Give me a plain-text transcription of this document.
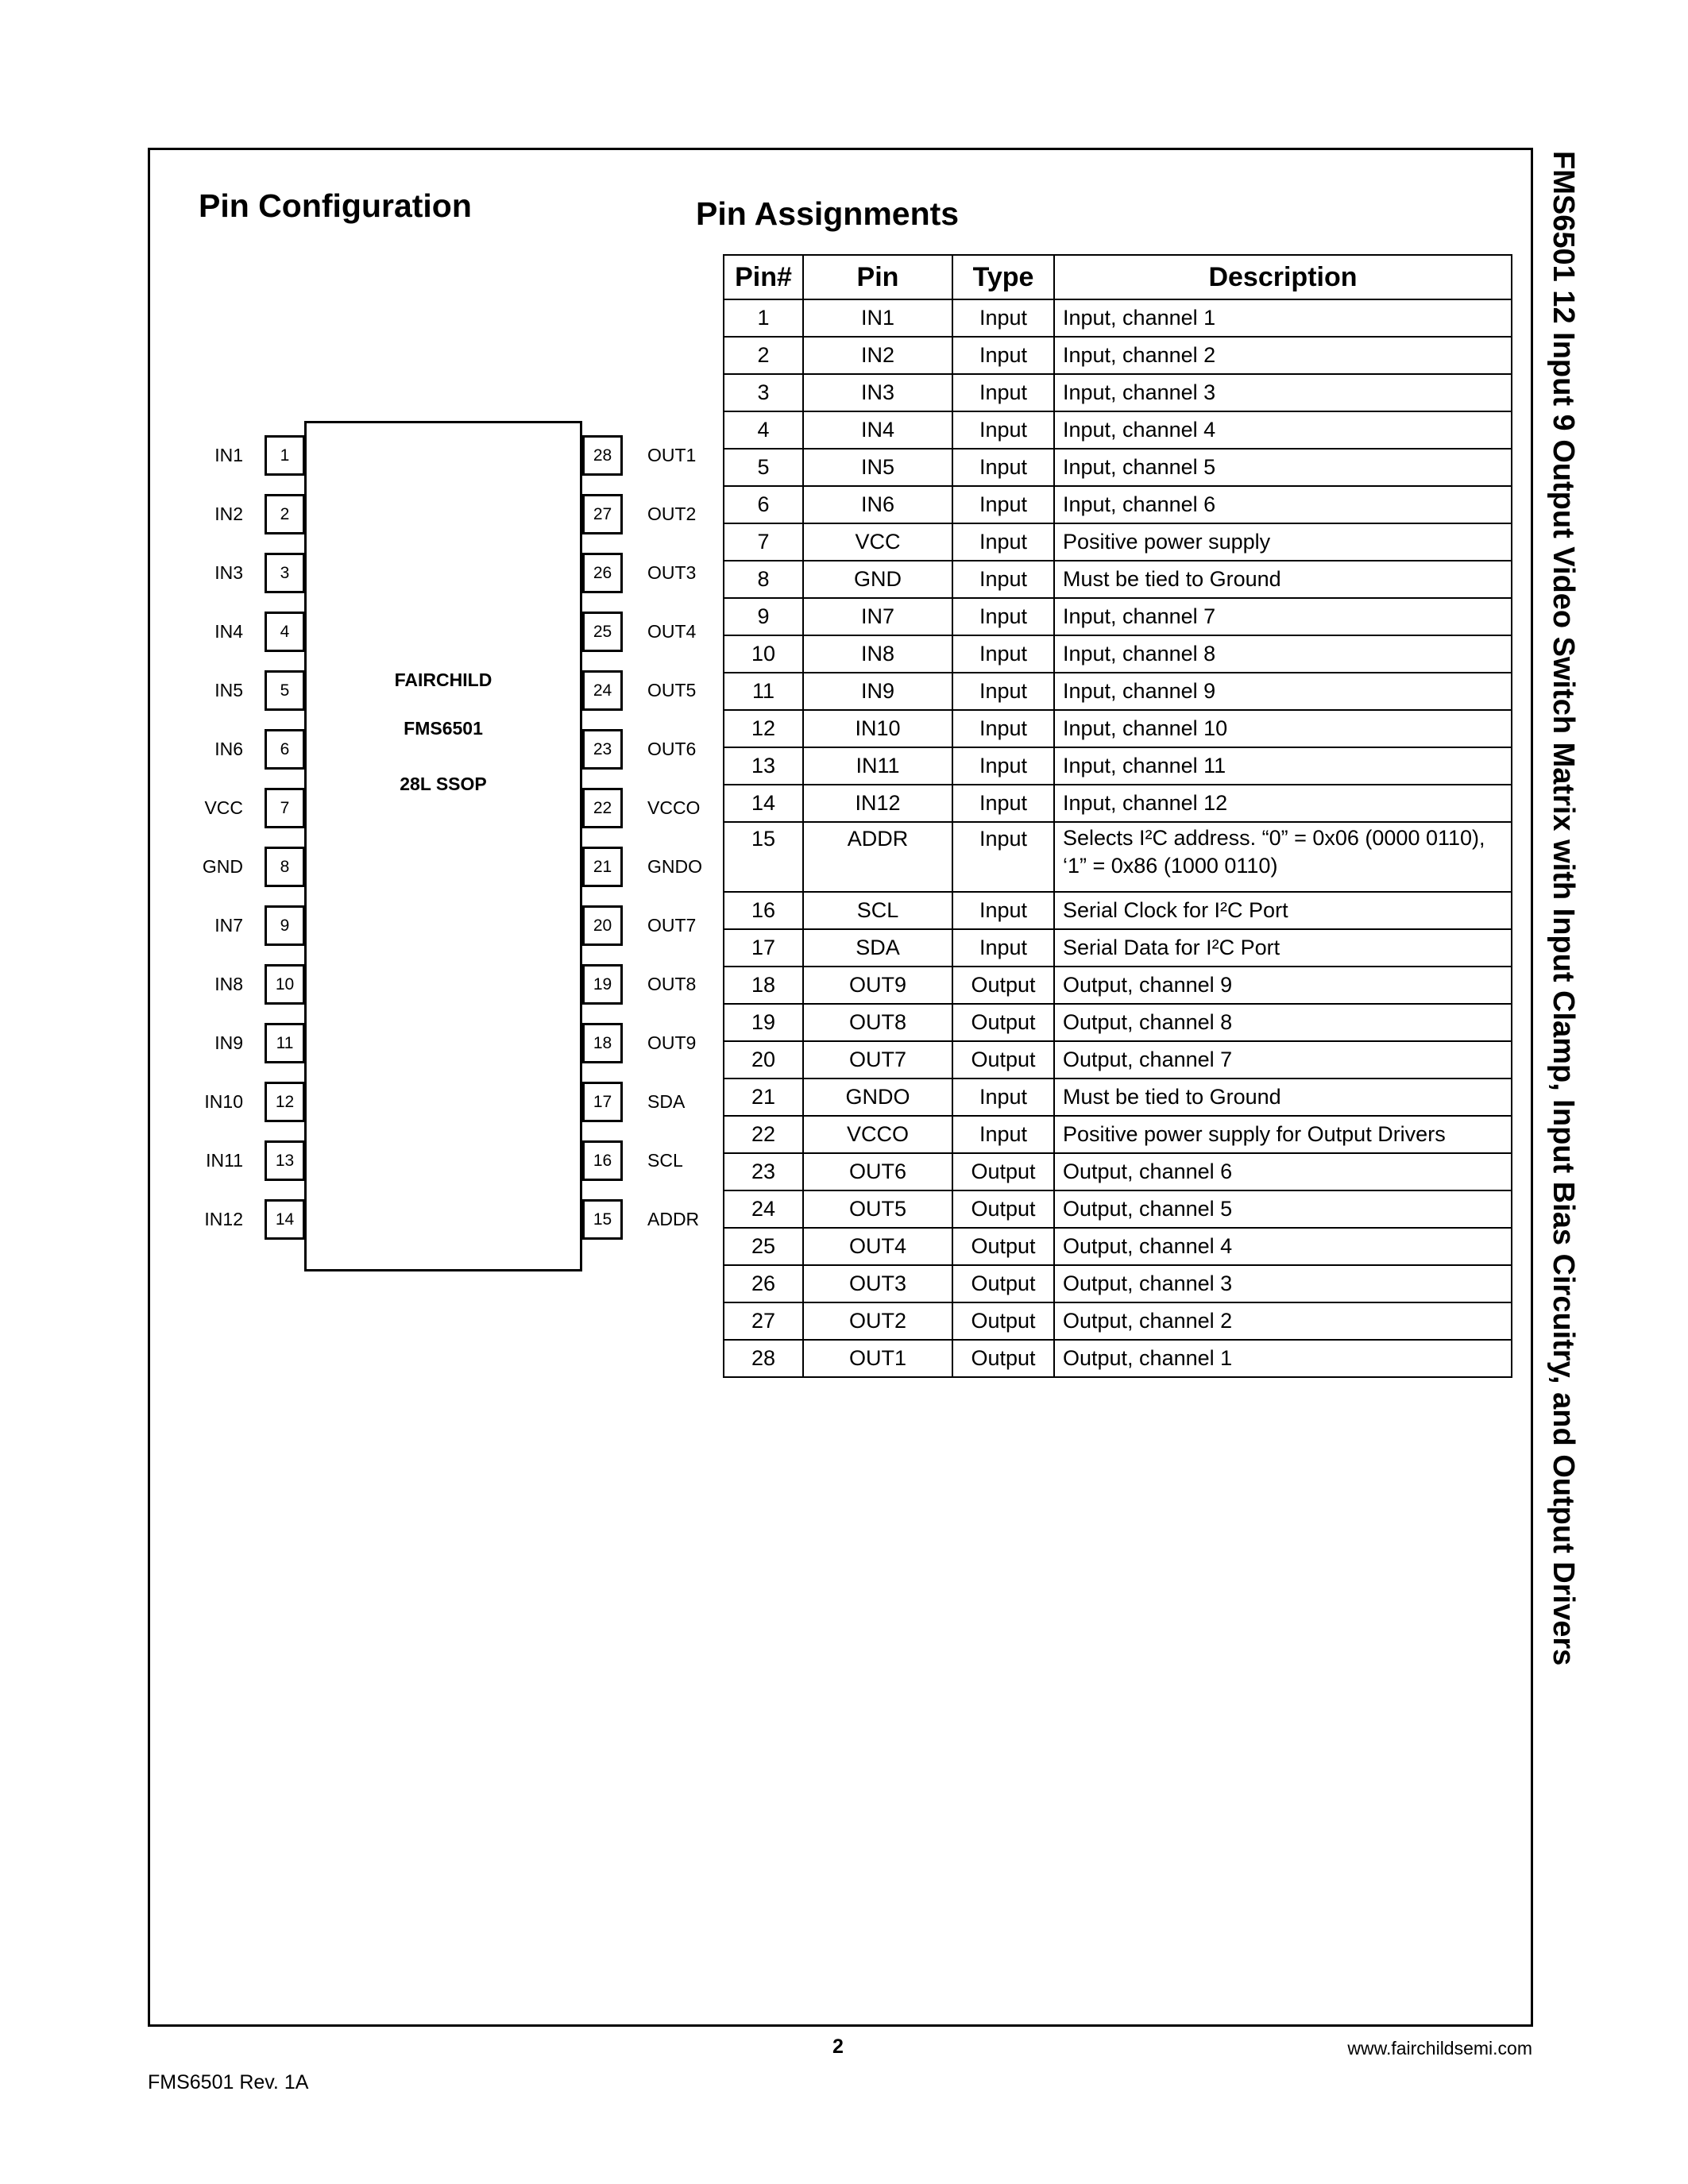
FMS6501 12 Input 9 Output Video Switch Matrix with Input Clamp, Input Bias Circuitry, and Output Drivers
Pin Configuration	Pin Assignments
FAIRCHILD
FMS6501
28L SSOP
1
IN1
2
IN2
3
IN3
4
IN4
5
IN5
6
IN6
7
VCC
8
GND
9
IN7
10
IN8
11
IN9
12
IN10
13
IN11
14
IN12
28	OUT1
27	OUT2
26	OUT3
25	OUT4
24	OUT5
23	OUT6
22	VCCO
21	GNDO
20	OUT7
19	OUT8
18	OUT9
17	SDA
16	SCL
15	ADDR
Pin#	Pin	Type	Description
1	IN1	Input	Input, channel 1
2	IN2	Input	Input, channel 2
3	IN3	Input	Input, channel 3
4	IN4	Input	Input, channel 4
5	IN5	Input	Input, channel 5
6	IN6	Input	Input, channel 6
7	VCC	Input	Positive power supply
8	GND	Input	Must be tied to Ground
9	IN7	Input	Input, channel 7
10	IN8	Input	Input, channel 8
11	IN9	Input	Input, channel 9
12	IN10	Input	Input, channel 10
13	IN11	Input	Input, channel 11
14	IN12	Input	Input, channel 12
15	ADDR	Input	Selects I²C address. “0” = 0x06 (0000 0110), ‘1” = 0x86 (1000 0110)
16	SCL	Input	Serial Clock for I²C Port
17	SDA	Input	Serial Data for I²C Port
18	OUT9	Output	Output, channel 9
19	OUT8	Output	Output, channel 8
20	OUT7	Output	Output, channel 7
21	GNDO	Input	Must be tied to Ground
22	VCCO	Input	Positive power supply for Output Drivers
23	OUT6	Output	Output, channel 6
24	OUT5	Output	Output, channel 5
25	OUT4	Output	Output, channel 4
26	OUT3	Output	Output, channel 3
27	OUT2	Output	Output, channel 2
28	OUT1	Output	Output, channel 1
2	www.fairchildsemi.com
FMS6501 Rev. 1A
